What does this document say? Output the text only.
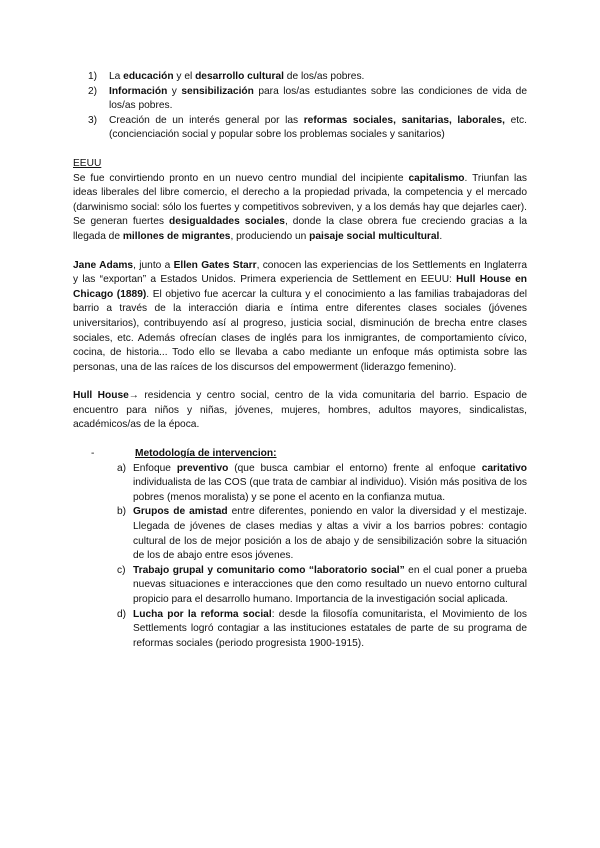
1) La educación y el desarrollo cultural de los/as pobres.
2) Información y sensibilización para los/as estudiantes sobre las condiciones de vida de los/as pobres.
3) Creación de un interés general por las reformas sociales, sanitarias, laborales, etc. (concienciación social y popular sobre los problemas sociales y sanitarios)

EEUU

Se fue convirtiendo pronto en un nuevo centro mundial del incipiente capitalismo. Triunfan las ideas liberales del libre comercio, el derecho a la propiedad privada, la competencia y el mercado (darwinismo social: sólo los fuertes y competitivos sobreviven, y a los demás hay que dejarles caer). Se generan fuertes desigualdades sociales, donde la clase obrera fue creciendo gracias a la llegada de millones de migrantes, produciendo un paisaje social multicultural.

Jane Adams, junto a Ellen Gates Starr, conocen las experiencias de los Settlements en Inglaterra y las “exportan” a Estados Unidos. Primera experiencia de Settlement en EEUU: Hull House en Chicago (1889). El objetivo fue acercar la cultura y el conocimiento a las familias trabajadoras del barrio a través de la interacción diaria e íntima entre diferentes clases sociales (jóvenes universitarios), contribuyendo así al progreso, justicia social, disminución de brecha entre clases sociales, etc. Además ofrecían clases de inglés para los inmigrantes, de comportamiento cívico, cocina, de historia... Todo ello se llevaba a cabo mediante un enfoque más optimista sobre las personas, una de las raíces de los discursos del empowerment (liderazgo femenino).

Hull House→ residencia y centro social, centro de la vida comunitaria del barrio. Espacio de encuentro para niños y niñas, jóvenes, mujeres, hombres, adultos mayores, sindicalistas, académicos/as de la época.

-	Metodología de intervencion:

a) Enfoque preventivo (que busca cambiar el entorno) frente al enfoque caritativo individualista de las COS (que trata de cambiar al individuo). Visión más positiva de los pobres (menos moralista) y se pone el acento en la confianza mutua.
b) Grupos de amistad entre diferentes, poniendo en valor la diversidad y el mestizaje. Llegada de jóvenes de clases medias y altas a vivir a los barrios pobres: contagio cultural de los de mejor posición a los de abajo y de sensibilización sobre la situación de los de abajo entre esos jóvenes.
c) Trabajo grupal y comunitario como “laboratorio social” en el cual poner a prueba nuevas situaciones e interacciones que den como resultado un nuevo entorno cultural propicio para el desarrollo humano. Importancia de la investigación social aplicada.
d) Lucha por la reforma social: desde la filosofía comunitarista, el Movimiento de los Settlements logró contagiar a las instituciones estatales de parte de su programa de reformas sociales (periodo progresista 1900-1915).
